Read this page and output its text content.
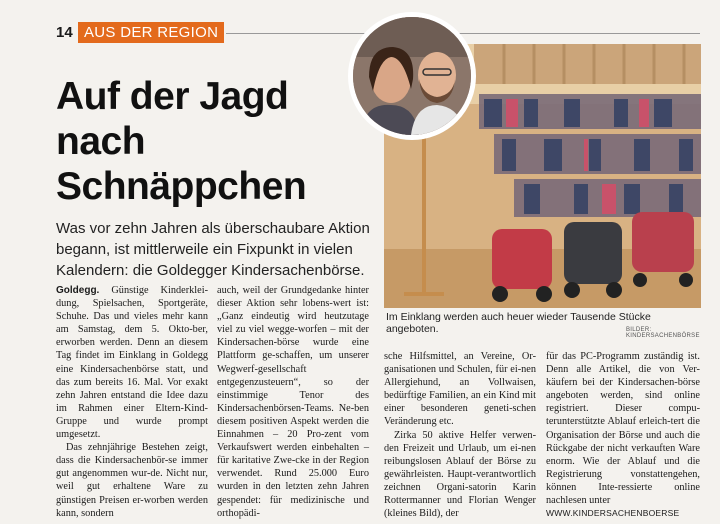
14 AUS DER REGION
Auf der Jagd nach Schnäppchen
Was vor zehn Jahren als überschaubare Aktion begann, ist mittlerweile ein Fixpunkt in vielen Kalendern: die Goldegger Kindersachenbörse.
Im Einklang werden auch heuer wieder Tausende Stücke angeboten.	BILDER: KINDERSACHENBÖRSE

Goldegg. Günstige Kinderklei-dung, Spielsachen, Sportgeräte, Schuhe. Das und vieles mehr kann am Samstag, dem 5. Okto-ber, erworben werden. Denn an diesem Tag findet im Einklang in Goldegg eine Kindersachenbörse statt, und das zum bereits 16. Mal. Vor exakt zehn Jahren entstand die Idee dazu im Rahmen einer Eltern-Kind-Gruppe und wurde prompt umgesetzt.

Das zehnjährige Bestehen zeigt, dass die Kindersachenbör-se immer gut angenommen wur-de. Nicht nur, weil gut erhaltene Ware zu günstigen Preisen er-worben werden kann, sondern

auch, weil der Grundgedanke hinter dieser Aktion sehr lobens-wert ist: „Ganz eindeutig wird heutzutage viel zu viel wegge-worfen – mit der Kindersachen-börse wurde eine Plattform ge-schaffen, um unserer Wegwerf-gesellschaft entgegenzusteuern“, so der einstimmige Tenor des Kindersachenbörsen-Teams. Ne-ben diesem positiven Aspekt werden die Einnahmen – 20 Pro-zent vom Verkaufswert werden einbehalten – für karitative Zwe-cke in der Region verwendet. Rund 25.000 Euro wurden in den letzten zehn Jahren gespendet: für medizinische und orthopädi-

sche Hilfsmittel, an Vereine, Or-ganisationen und Schulen, für ei-nen Allergiehund, an Vollwaisen, bedürftige Familien, an ein Kind mit einer besonderen geneti-schen Veränderung etc.

Zirka 50 aktive Helfer verwen-den Freizeit und Urlaub, um ei-nen reibungslosen Ablauf der Börse zu gewährleisten. Haupt-verantwortlich zeichnen Organi-satorin Karin Rottermanner und Florian Wenger (kleines Bild), der

für das PC-Programm zuständig ist. Denn alle Artikel, die von Ver-käufern bei der Kindersachen-börse angeboten werden, sind online registriert. Dieser compu-terunterstützte Ablauf erleich-tert die Organisation der Börse und auch die Rückgabe der nicht verkauften Ware enorm. Wie der Ablauf und die Registrierung vonstattengehen, können Inte-ressierte online nachlesen unter

WWW.KINDERSACHENBOERSE
